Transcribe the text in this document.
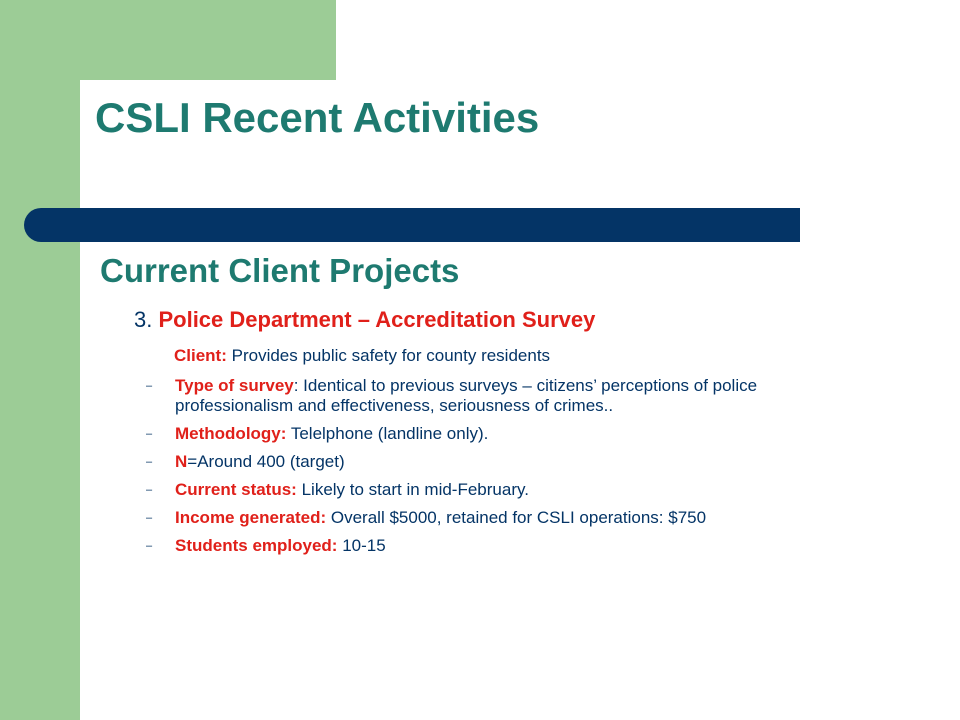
CSLI Recent Activities
Current Client Projects
3. Police Department – Accreditation Survey
Client: Provides public safety for county residents
– Type of survey: Identical to previous surveys – citizens’ perceptions of police professionalism and effectiveness, seriousness of crimes..
– Methodology: Telelphone (landline only).
– N=Around 400 (target)
– Current status: Likely to start in mid-February.
– Income generated: Overall $5000, retained for CSLI operations: $750
– Students employed: 10-15
